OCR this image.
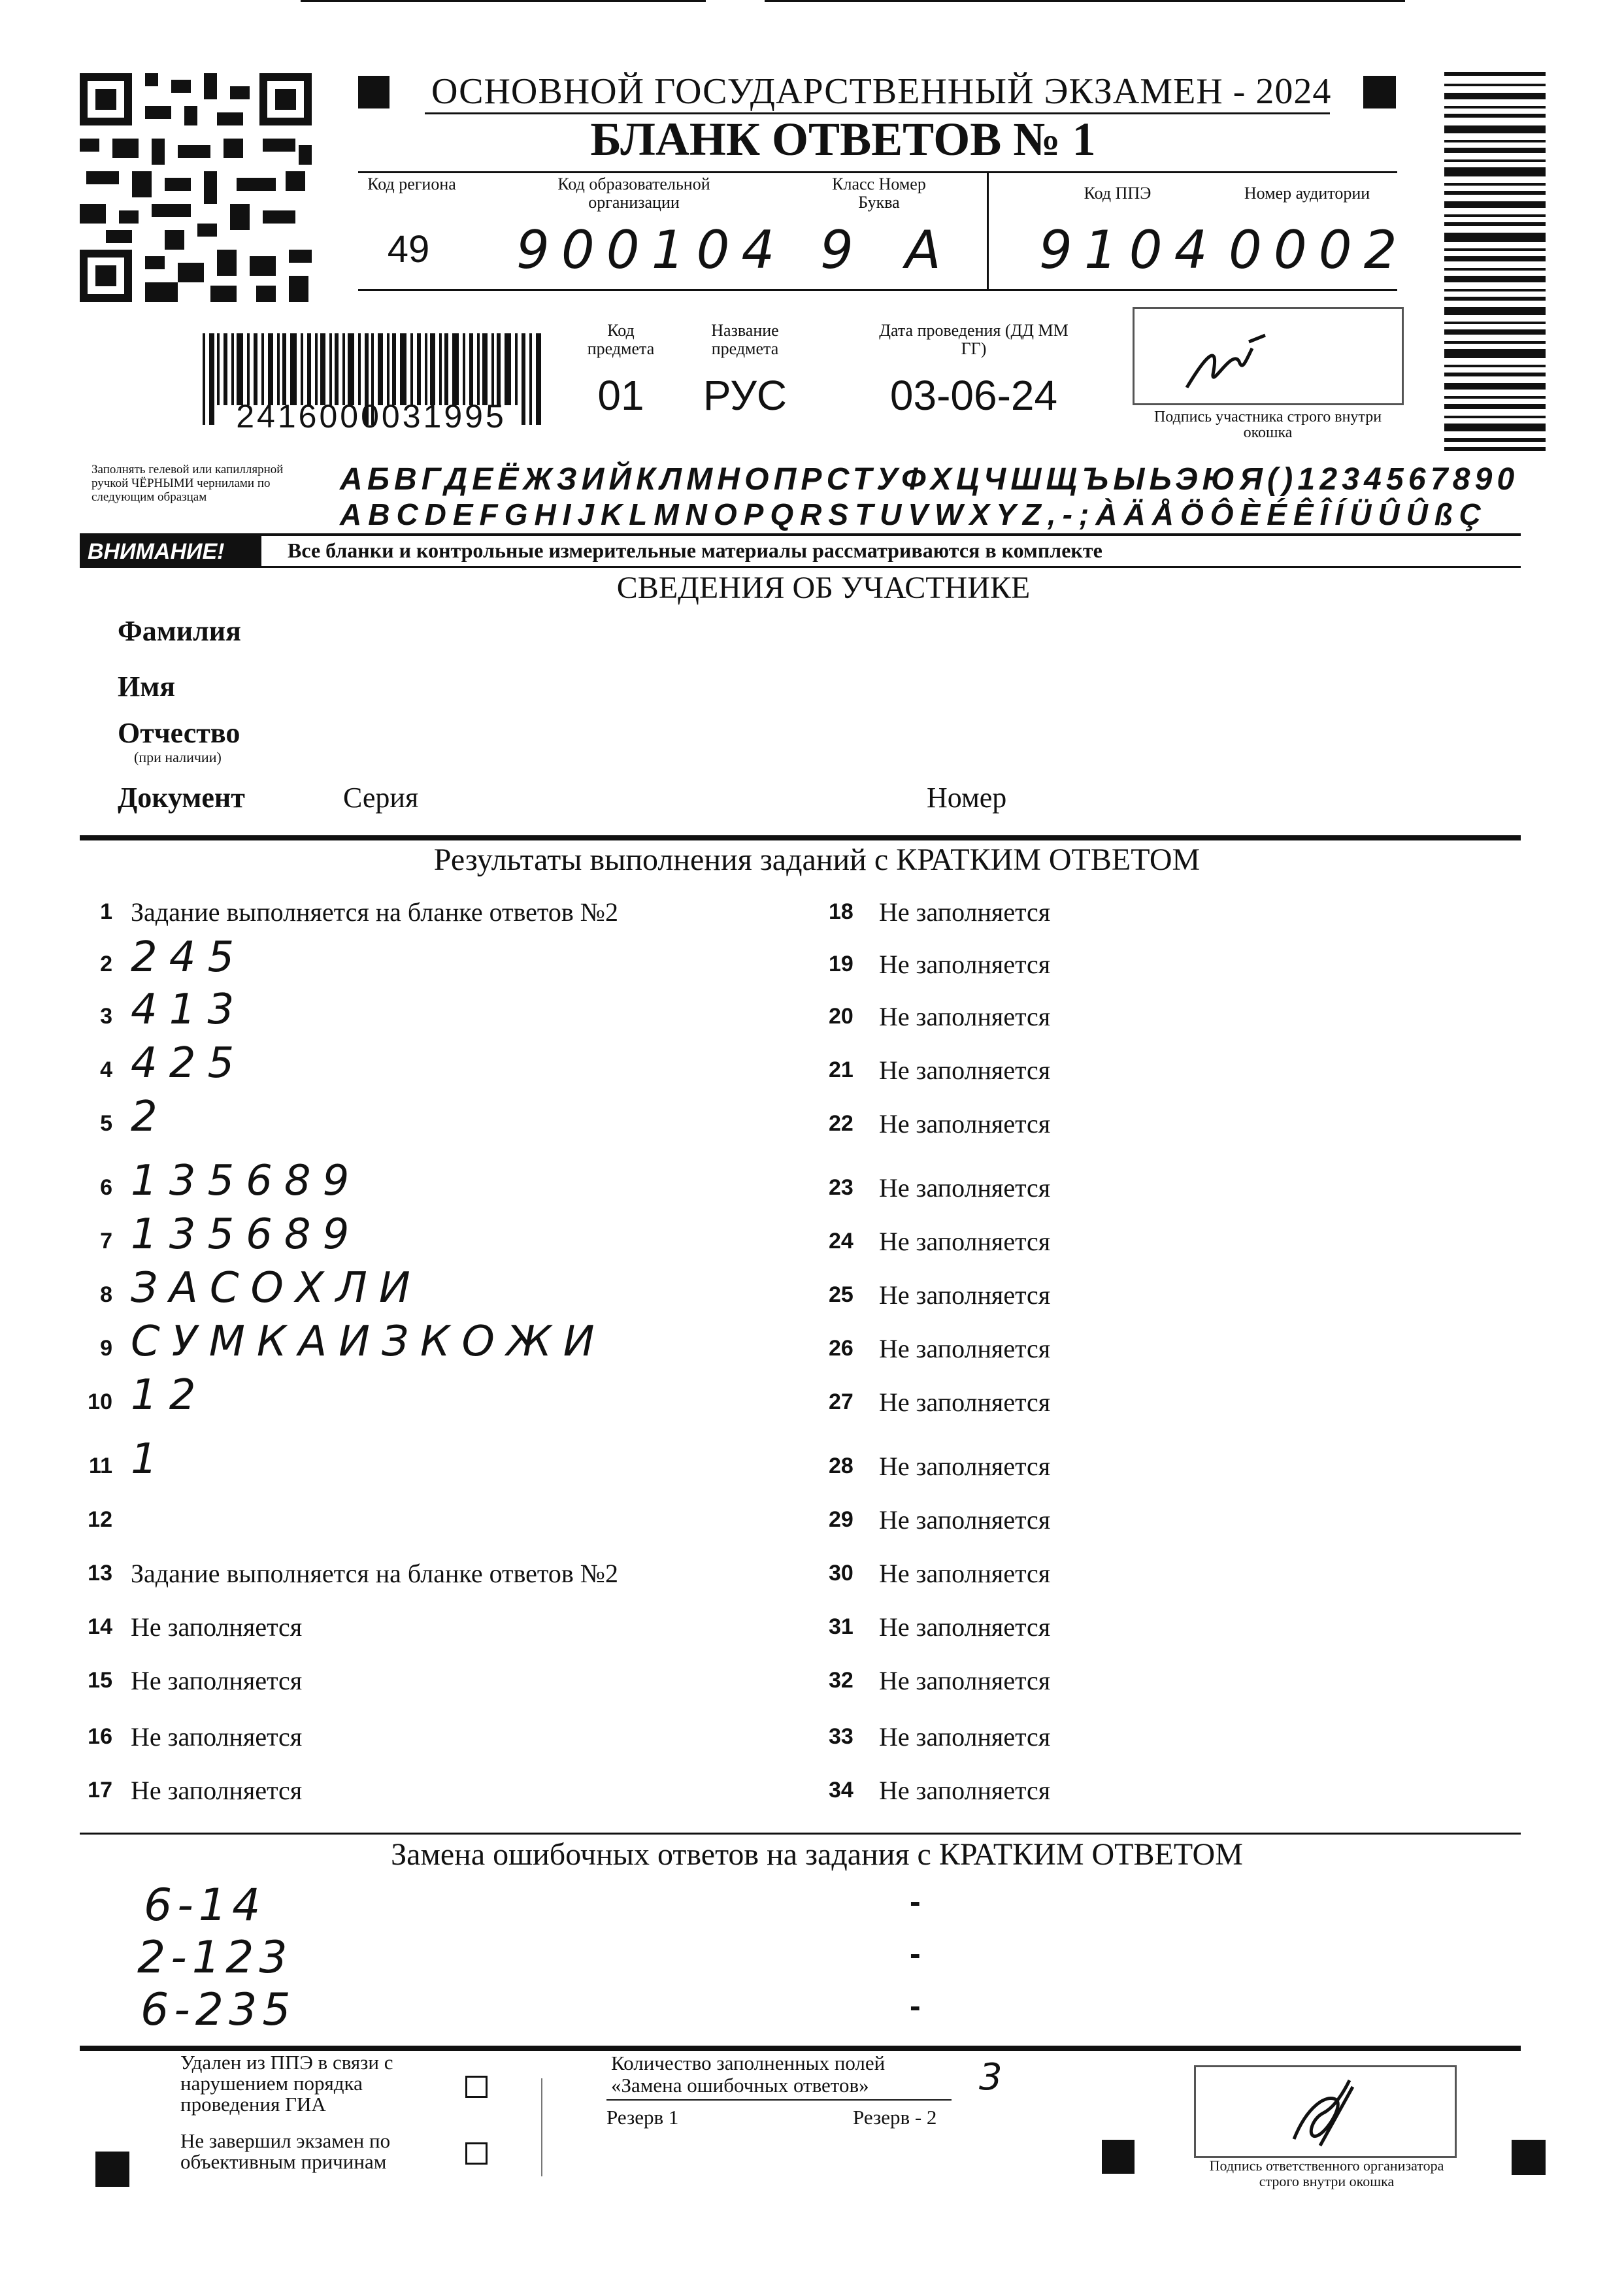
ОСНОВНОЙ ГОСУДАРСТВЕННЫЙ ЭКЗАМЕН - 2024
БЛАНК ОТВЕТОВ № 1
Код региона
49
Код образовательной организации
900104
Класс Номер Буква
9 А
Код ППЭ
9104
Номер аудитории
0002
2416000031995
Код предмета
01
Название предмета
РУС
Дата проведения (ДД ММ ГГ)
03-06-24	Подпись участника строго внутри окошка
Заполнять гелевой или капиллярной ручкой ЧЁРНЫМИ чернилами по следующим образцам
АБВГДЕЁЖЗИЙКЛМНОПРСТУФХЦЧШЩЪЫЬЭЮЯ()1234567890
ABCDEFGHIJKLMNOPQRSTUVWXYZ,-;ÀÄÅÖÔÈÉÊÎÍÜÛÛßÇ
ВНИМАНИЕ!	Все бланки и контрольные измерительные материалы рассматриваются в комплекте
СВЕДЕНИЯ ОБ УЧАСТНИКЕ
Фамилия
Имя
Отчество
(при наличии)
Документ	Серия	Номер
Результаты выполнения заданий с КРАТКИМ ОТВЕТОМ
1 Задание выполняется на бланке ответов №2
2 245
3 413
4 425
5 2
6 135689
7 135689
8 ЗАСОХЛИ
9 СУМКАИЗКОЖИ
10 12
11 1
12
13 Задание выполняется на бланке ответов №2
14 Не заполняется
15 Не заполняется
16 Не заполняется
17 Не заполняется
18 Не заполняется
19 Не заполняется
20 Не заполняется
21 Не заполняется
22 Не заполняется
23 Не заполняется
24 Не заполняется
25 Не заполняется
26 Не заполняется
27 Не заполняется
28 Не заполняется
29 Не заполняется
30 Не заполняется
31 Не заполняется
32 Не заполняется
33 Не заполняется
34 Не заполняется
Замена ошибочных ответов на задания с КРАТКИМ ОТВЕТОМ
6-14
2-123
6-235
-
-
-
Удален из ППЭ в связи с нарушением порядка проведения ГИА
Не завершил экзамен по объективным причинам
Количество заполненных полей «Замена ошибочных ответов»	3
Резерв 1	Резерв - 2
Подпись ответственного организатора строго внутри окошка
